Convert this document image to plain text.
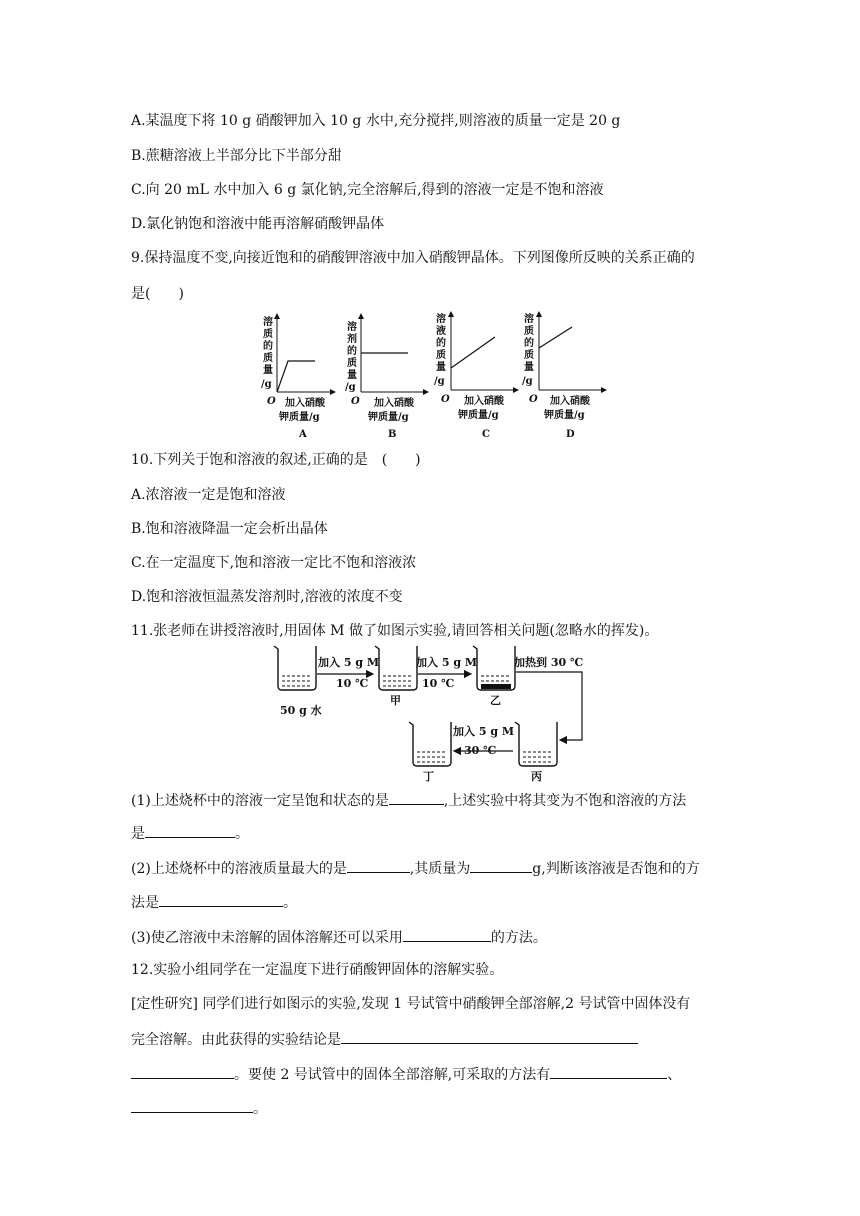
A.某温度下将 10 g 硝酸钾加入 10 g 水中,充分搅拌,则溶液的质量一定是 20 g
B.蔗糖溶液上半部分比下半部分甜
C.向 20 mL 水中加入 6 g 氯化钠,完全溶解后,得到的溶液一定是不饱和溶液
D.氯化钠饱和溶液中能再溶解硝酸钾晶体
9.保持温度不变,向接近饱和的硝酸钾溶液中加入硝酸钾晶体。下列图像所反映的关系正确的
是(　　)
溶
质
的
质
量
/g
O 加入硝酸
钾质量/g
A
溶
剂
的
质
量
/g
O 加入硝酸
钾质量/g
B
溶
液
的
质
量
/g
O 加入硝酸
钾质量/g
C
溶
质
的
质
量
/g
O 加入硝酸
钾质量/g
D
10.下列关于饱和溶液的叙述,正确的是　(　　)
A.浓溶液一定是饱和溶液
B.饱和溶液降温一定会析出晶体
C.在一定温度下,饱和溶液一定比不饱和溶液浓
D.饱和溶液恒温蒸发溶剂时,溶液的浓度不变
11.张老师在讲授溶液时,用固体 M 做了如图示实验,请回答相关问题(忽略水的挥发)。
加入 5 g M
10 ℃
加入 5 g M
10 ℃
加热到 30 ℃
加入 5 g M
30 ℃
50 g 水
甲	乙
丙
丁
(1)上述烧杯中的溶液一定呈饱和状态的是	,上述实验中将其变为不饱和溶液的方法
是	。
(2)上述烧杯中的溶液质量最大的是	,其质量为	g,判断该溶液是否饱和的方
法是	。
(3)使乙溶液中未溶解的固体溶解还可以采用	的方法。
12.实验小组同学在一定温度下进行硝酸钾固体的溶解实验。
[定性研究] 同学们进行如图示的实验,发现 1 号试管中硝酸钾全部溶解,2 号试管中固体没有
完全溶解。由此获得的实验结论是
。要使 2 号试管中的固体全部溶解,可采取的方法有	、
。
